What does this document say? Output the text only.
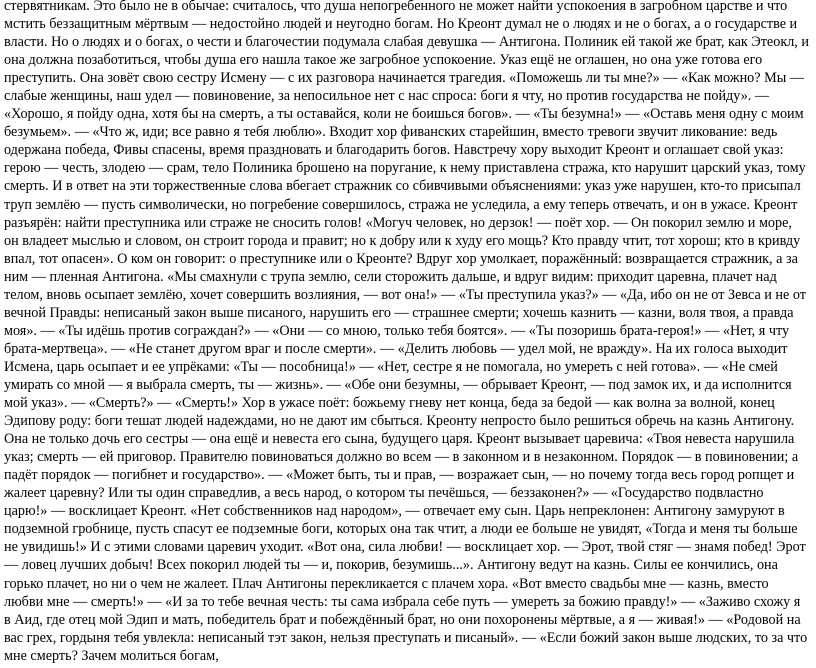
стервятникам. Это было не в обычае: считалось, что душа непогребенного не может найти успокоения в загробном царстве и что мстить беззащитным мёртвым — недостойно людей и неугодно богам. Но Креонт думал не о людях и не о богах, а о государстве и власти. Но о людях и о богах, о чести и благочестии подумала слабая девушка — Антигона. Полиник ей такой же брат, как Этеокл, и она должна позаботиться, чтобы душа его нашла такое же загробное успокоение. Указ ещё не оглашен, но она уже готова его преступить. Она зовёт свою сестру Исмену — с их разговора начинается трагедия. «Поможешь ли ты мне?» — «Как можно? Мы — слабые женщины, наш удел — повиновение, за непосильное нет с нас спроса: боги я чту, но против государства не пойду». — «Хорошо, я пойду одна, хотя бы на смерть, а ты оставайся, коли не боишься богов». — «Ты безумна!» — «Оставь меня одну с моим безумьем». — «Что ж, иди; все равно я тебя люблю». Входит хор фиванских старейшин, вместо тревоги звучит ликование: ведь одержана победа, Фивы спасены, время праздновать и благодарить богов. Навстречу хору выходит Креонт и оглашает свой указ: герою — честь, злодею — срам, тело Полиника брошено на поругание, к нему приставлена стража, кто нарушит царский указ, тому смерть. И в ответ на эти торжественные слова вбегает стражник со сбивчивыми объяснениями: указ уже нарушен, кто-то присыпал труп землёю — пусть символически, но погребение совершилось, стража не уследила, а ему теперь отвечать, и он в ужасе. Креонт разъярён: найти преступника или страже не сносить голов! «Могуч человек, но дерзок! — поёт хор. — Он покорил землю и море, он владеет мыслью и словом, он строит города и правит; но к добру или к худу его мощь? Кто правду чтит, тот хорош; кто в кривду впал, тот опасен». О ком он говорит: о преступнике или о Креонте? Вдруг хор умолкает, поражённый: возвращается стражник, а за ним — пленная Антигона. «Мы смахнули с трупа землю, сели сторожить дальше, и вдруг видим: приходит царевна, плачет над телом, вновь осыпает землёю, хочет совершить возлияния, — вот она!» — «Ты преступила указ?» — «Да, ибо он не от Зевса и не от вечной Правды: неписаный закон выше писаного, нарушить его — страшнее смерти; хочешь казнить — казни, воля твоя, а правда моя». — «Ты идёшь против сограждан?» — «Они — со мною, только тебя боятся». — «Ты позоришь брата-героя!» — «Нет, я чту брата-мертвеца». — «Не станет другом враг и после смерти». — «Делить любовь — удел мой, не вражду». На их голоса выходит Исмена, царь осыпает и ее упрёками: «Ты — пособница!» — «Нет, сестре я не помогала, но умереть с ней готова». — «Не смей умирать со мной — я выбрала смерть, ты — жизнь». — «Обе они безумны, — обрывает Креонт, — под замок их, и да исполнится мой указ». — «Смерть?» — «Смерть!» Хор в ужасе поёт: божьему гневу нет конца, беда за бедой — как волна за волной, конец Эдипову роду: боги тешат людей надеждами, но не дают им сбыться. Креонту непросто было решиться обречь на казнь Антигону. Она не только дочь его сестры — она ещё и невеста его сына, будущего царя. Креонт вызывает царевича: «Твоя невеста нарушила указ; смерть — ей приговор. Правителю повиноваться должно во всем — в законном и в незаконном. Порядок — в повиновении; а падёт порядок — погибнет и государство». — «Может быть, ты и прав, — возражает сын, — но почему тогда весь город ропщет и жалеет царевну? Или ты один справедлив, а весь народ, о котором ты печёшься, — беззаконен?» — «Государство подвластно царю!» — восклицает Креонт. «Нет собственников над народом», — отвечает ему сын. Царь непреклонен: Антигону замуруют в подземной гробнице, пусть спасут ее подземные боги, которых она так чтит, а люди ее больше не увидят, «Тогда и меня ты больше не увидишь!» И с этими словами царевич уходит. «Вот она, сила любви! — восклицает хор. — Эрот, твой стяг — знамя побед! Эрот — ловец лучших добыч! Всех покорил людей ты — и, покорив, безумишь...». Антигону ведут на казнь. Силы ее кончились, она горько плачет, но ни о чем не жалеет. Плач Антигоны перекликается с плачем хора. «Вот вместо свадьбы мне — казнь, вместо любви мне — смерть!» — «И за то тебе вечная честь: ты сама избрала себе путь — умереть за божию правду!» — «Заживо схожу я в Аид, где отец мой Эдип и мать, победитель брат и побеждённый брат, но они похоронены мёртвые, а я — живая!» — «Родовой на вас грех, гордыня тебя увлекла: неписаный тэт закон, нельзя преступать и писаный». — «Если божий закон выше людских, то за что мне смерть? Зачем молиться богам,
